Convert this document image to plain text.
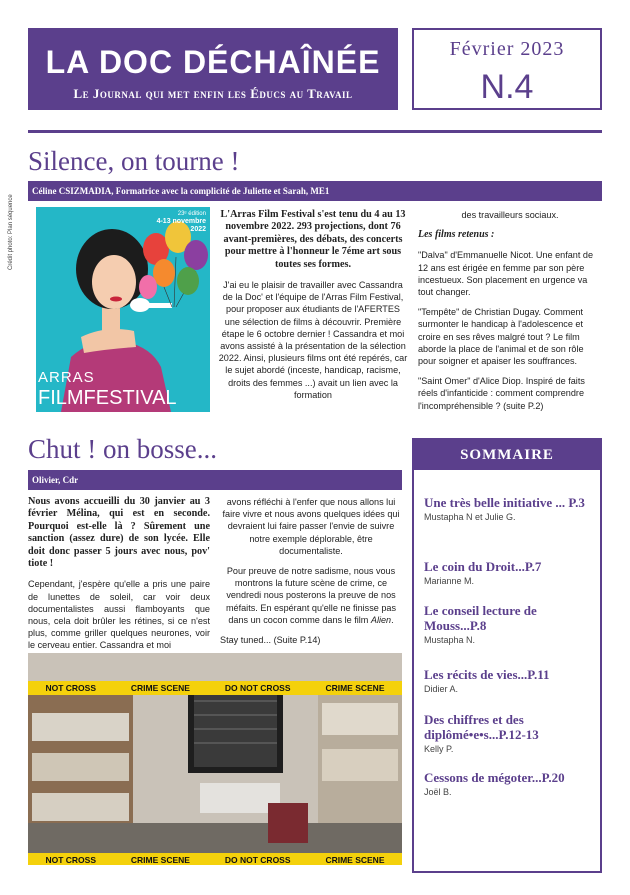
LA DOC DÉCHAÎNÉE
Le Journal qui met enfin les Éducs au Travail
Février 2023
N.4
Silence, on tourne !
Céline CSIZMADIA, Formatrice avec la complicité de Juliette et Sarah, ME1
Crédit photo: Plan séquence	23ᵉ édition
4-13 novembre
2022
ARRAS
FILMFESTIVAL

L'Arras Film Festival s'est tenu du 4 au 13 novembre 2022. 293 projections, dont 76 avant-premières, des débats, des concerts pour mettre à l'honneur le 7éme art sous toutes ses formes.

J'ai eu le plaisir de travailler avec Cassandra de la Doc' et l'équipe de l'Arras Film Festival, pour proposer aux étudiants de l'AFERTES une sélection de films à découvrir. Première étape le 6 octobre dernier ! Cassandra et moi avons assisté à la présentation de la sélection 2022. Ainsi, plusieurs films ont été repérés, car le sujet abordé (inceste, handicap, racisme, droits des femmes ...) avait un lien avec la formation

des travailleurs sociaux.

Les films retenus :

"Dalva" d'Emmanuelle Nicot. Une enfant de 12 ans est érigée en femme par son père incestueux. Son placement en urgence va tout changer.

"Tempête" de Christian Dugay. Comment surmonter le handicap à l'adolescence et croire en ses rêves malgré tout ? Le film aborde la place de l'animal et de son rôle pour soigner et apaiser les souffrances.

"Saint Omer" d'Alice Diop. Inspiré de faits réels d'infanticide : comment comprendre l'incompréhensible ? (suite P.2)

Chut ! on bosse...
Olivier, Cdr

Nous avons accueilli du 30 janvier au 3 février Mélina, qui est en seconde. Pourquoi est-elle là ? Sûrement une sanction (assez dure) de son lycée. Elle doit donc passer 5 jours avec nous, pov' tiote !

Cependant, j'espère qu'elle a pris une paire de lunettes de soleil, car voir deux documentalistes aussi flamboyants que nous, cela doit brûler les rétines, si ce n'est plus, comme griller quelques neurones, voir le cerveau entier. Cassandra et moi

avons réfléchi à l'enfer que nous allons lui faire vivre et nous avons quelques idées qui devraient lui faire passer l'envie de suivre notre exemple déplorable, être documentaliste.

Pour preuve de notre sadisme, nous vous montrons la future scène de crime, ce vendredi nous posterons la preuve de nos méfaits. En espérant qu'elle ne finisse pas dans un cocon comme dans le film Alien.

Stay tuned... (Suite P.14)

NOT CROSS	CRIME SCENE	DO NOT CROSS	CRIME SCENE
NOT CROSS	CRIME SCENE	DO NOT CROSS	CRIME SCENE
SOMMAIRE
Une très belle initiative ... P.3
Mustapha N et Julie G.
Le coin du Droit...P.7
Marianne M.
Le conseil lecture de Mouss...P.8
Mustapha N.
Les récits de vies...P.11
Didier A.
Des chiffres et des diplômé•e•s...P.12-13
Kelly P.
Cessons de mégoter...P.20
Joël B.
